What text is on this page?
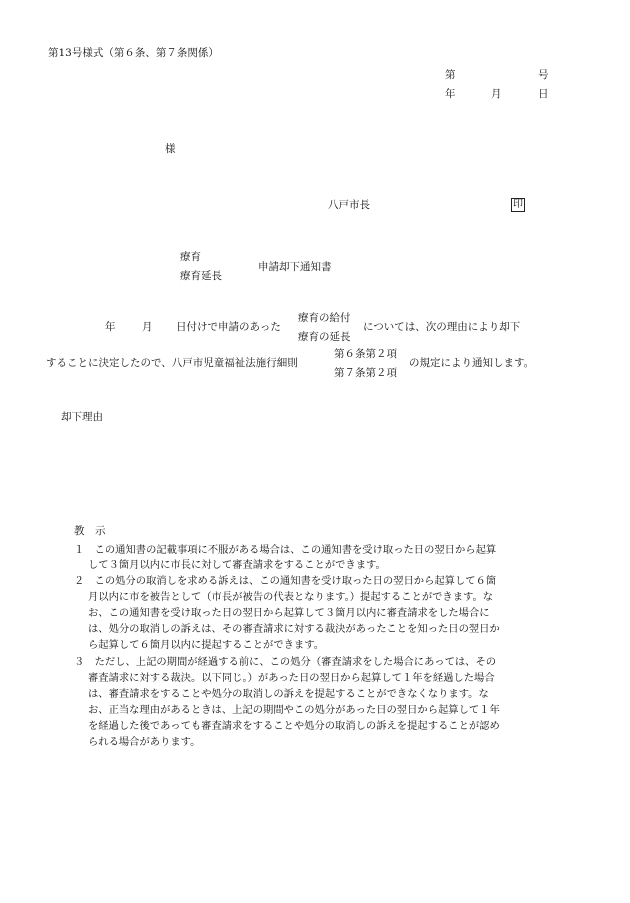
第13号様式（第６条、第７条関係）
第	号
年	月	日
様
八戸市長	印
療育
療育延長
申請却下通知書
年	月 日付けで申請のあった
療育の給付
療育の延長
については、次の理由により却下
することに決定したので、八戸市児童福祉法施行細則
第６条第２項
第７条第２項
の規定により通知します。
却下理由
教　示
１　この通知書の記載事項に不服がある場合は、この通知書を受け取った日の翌日から起算
して３箇月以内に市長に対して審査請求をすることができます。
２　この処分の取消しを求める訴えは、この通知書を受け取った日の翌日から起算して６箇
月以内に市を被告として（市長が被告の代表となります。）提起することができます。な
お、この通知書を受け取った日の翌日から起算して３箇月以内に審査請求をした場合に
は、処分の取消しの訴えは、その審査請求に対する裁決があったことを知った日の翌日か
ら起算して６箇月以内に提起することができます。
３　ただし、上記の期間が経過する前に、この処分（審査請求をした場合にあっては、その
審査請求に対する裁決。以下同じ。）があった日の翌日から起算して１年を経過した場合
は、審査請求をすることや処分の取消しの訴えを提起することができなくなります。な
お、正当な理由があるときは、上記の期間やこの処分があった日の翌日から起算して１年
を経過した後であっても審査請求をすることや処分の取消しの訴えを提起することが認め
られる場合があります。
